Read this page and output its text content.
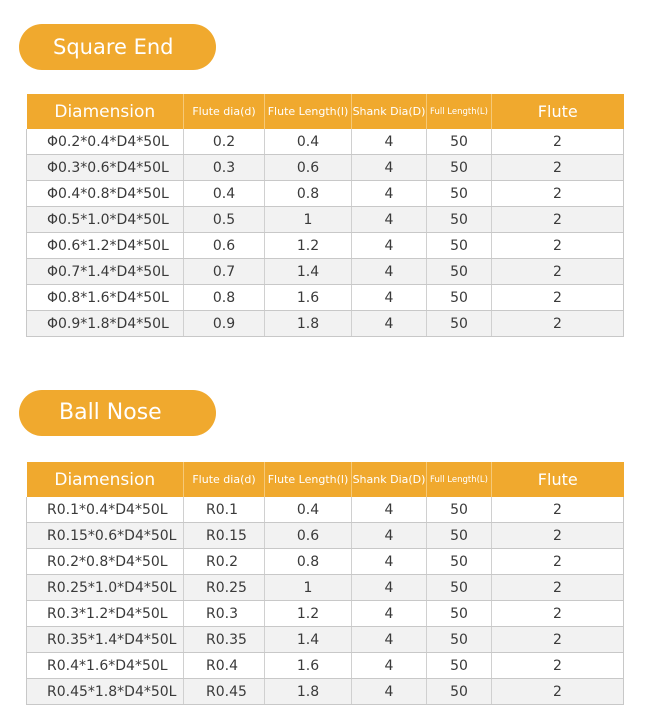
Square End
Diamension	Flute dia(d)	Flute Length(l)	Shank Dia(D)	Full Length(L)	Flute
Φ0.2*0.4*D4*50L	0.2	0.4	4	50	2
Φ0.3*0.6*D4*50L	0.3	0.6	4	50	2
Φ0.4*0.8*D4*50L	0.4	0.8	4	50	2
Φ0.5*1.0*D4*50L	0.5	1	4	50	2
Φ0.6*1.2*D4*50L	0.6	1.2	4	50	2
Φ0.7*1.4*D4*50L	0.7	1.4	4	50	2
Φ0.8*1.6*D4*50L	0.8	1.6	4	50	2
Φ0.9*1.8*D4*50L	0.9	1.8	4	50	2
Ball Nose
Diamension	Flute dia(d)	Flute Length(l)	Shank Dia(D)	Full Length(L)	Flute
R0.1*0.4*D4*50L	R0.1	0.4	4	50	2
R0.15*0.6*D4*50L	R0.15	0.6	4	50	2
R0.2*0.8*D4*50L	R0.2	0.8	4	50	2
R0.25*1.0*D4*50L	R0.25	1	4	50	2
R0.3*1.2*D4*50L	R0.3	1.2	4	50	2
R0.35*1.4*D4*50L	R0.35	1.4	4	50	2
R0.4*1.6*D4*50L	R0.4	1.6	4	50	2
R0.45*1.8*D4*50L	R0.45	1.8	4	50	2
